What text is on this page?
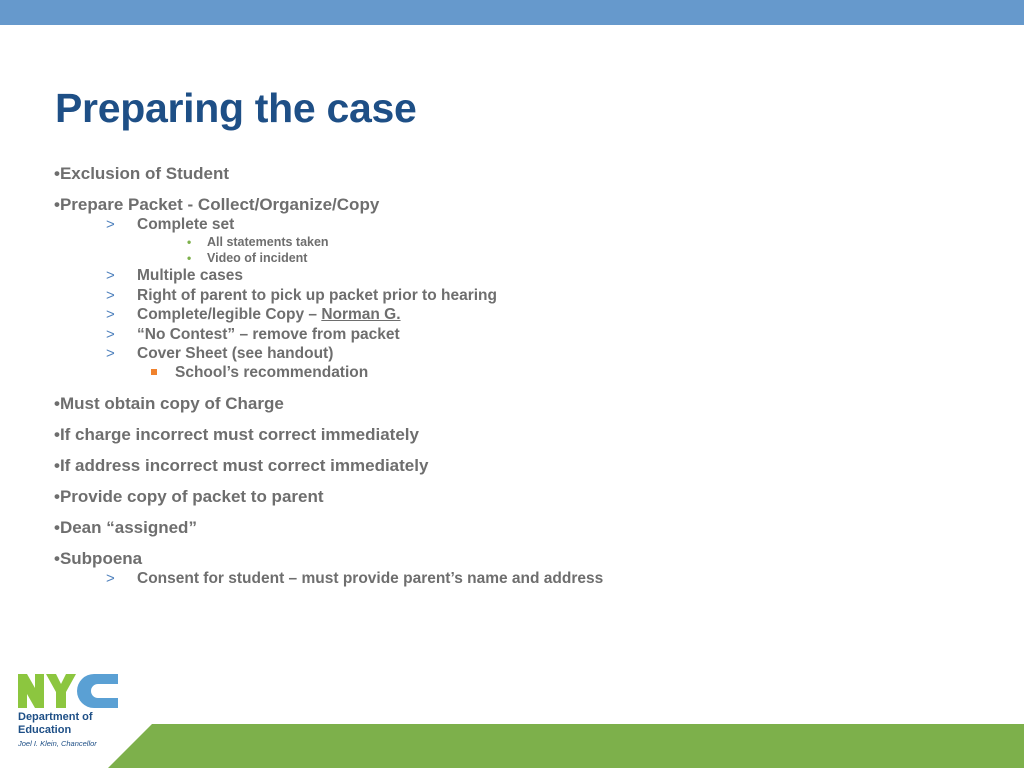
Preparing the case
•Exclusion of Student
•Prepare Packet - Collect/Organize/Copy
> Complete set
• All statements taken
• Video of incident
> Multiple cases
> Right of parent to pick up packet prior to hearing
> Complete/legible Copy – Norman G.
> “No Contest” – remove from packet
> Cover Sheet (see handout)
School’s recommendation
•Must obtain copy of Charge
•If charge incorrect must correct immediately
•If address incorrect must correct immediately
•Provide copy of packet to parent
•Dean “assigned”
•Subpoena
> Consent for student – must provide parent’s name and address
Department of
Education
Joel I. Klein, Chancellor
